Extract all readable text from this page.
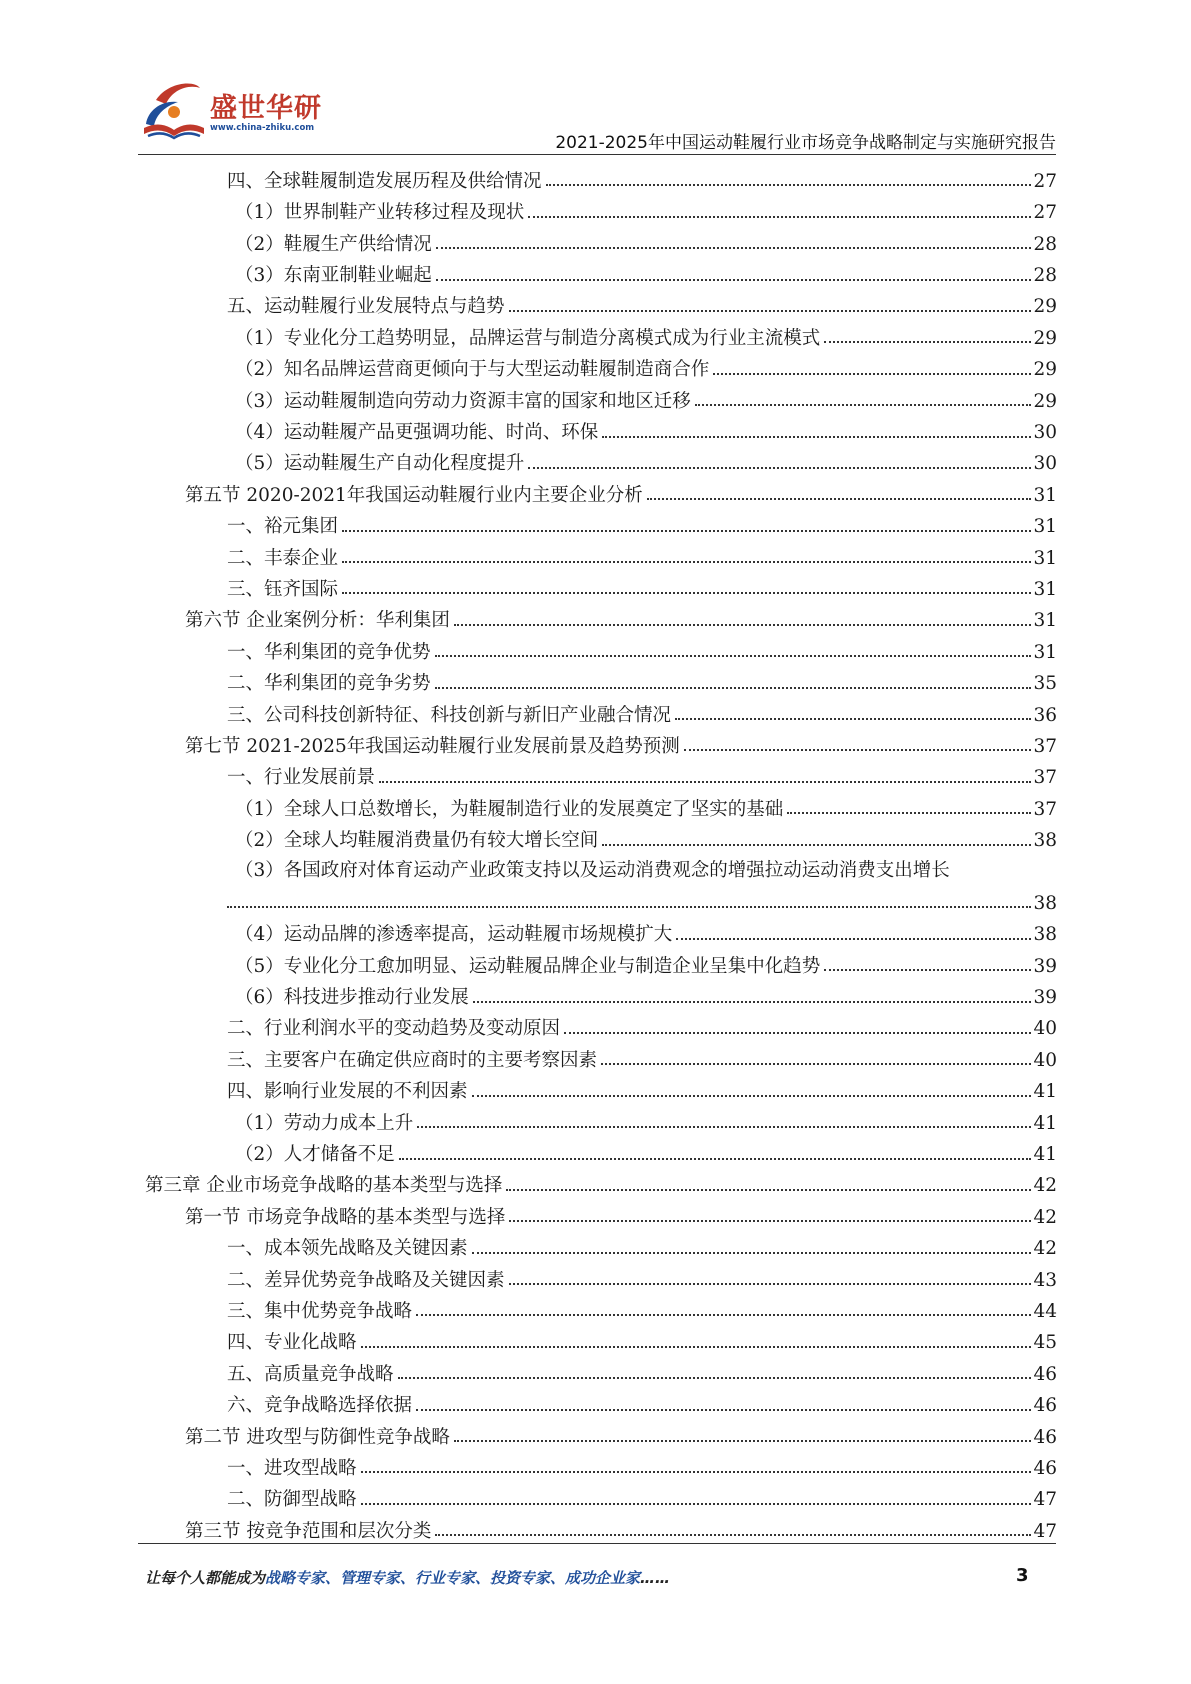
盛世华研
www.china-zhiku.com
2021-2025年中国运动鞋履行业市场竞争战略制定与实施研究报告
四、全球鞋履制造发展历程及供给情况	27
（1）世界制鞋产业转移过程及现状	27
（2）鞋履生产供给情况	28
（3）东南亚制鞋业崛起	28
五、运动鞋履行业发展特点与趋势	29
（1）专业化分工趋势明显，品牌运营与制造分离模式成为行业主流模式	29
（2）知名品牌运营商更倾向于与大型运动鞋履制造商合作	29
（3）运动鞋履制造向劳动力资源丰富的国家和地区迁移	29
（4）运动鞋履产品更强调功能、时尚、环保	30
（5）运动鞋履生产自动化程度提升	30
第五节 2020-2021年我国运动鞋履行业内主要企业分析	31
一、裕元集团	31
二、丰泰企业	31
三、钰齐国际	31
第六节 企业案例分析：华利集团	31
一、华利集团的竞争优势	31
二、华利集团的竞争劣势	35
三、公司科技创新特征、科技创新与新旧产业融合情况	36
第七节 2021-2025年我国运动鞋履行业发展前景及趋势预测	37
一、行业发展前景	37
（1）全球人口总数增长，为鞋履制造行业的发展奠定了坚实的基础	37
（2）全球人均鞋履消费量仍有较大增长空间	38
（3）各国政府对体育运动产业政策支持以及运动消费观念的增强拉动运动消费支出增长
38
（4）运动品牌的渗透率提高，运动鞋履市场规模扩大	38
（5）专业化分工愈加明显、运动鞋履品牌企业与制造企业呈集中化趋势	39
（6）科技进步推动行业发展	39
二、行业利润水平的变动趋势及变动原因	40
三、主要客户在确定供应商时的主要考察因素	40
四、影响行业发展的不利因素	41
（1）劳动力成本上升	41
（2）人才储备不足	41
第三章 企业市场竞争战略的基本类型与选择	42
第一节 市场竞争战略的基本类型与选择	42
一、成本领先战略及关键因素	42
二、差异优势竞争战略及关键因素	43
三、集中优势竞争战略	44
四、专业化战略	45
五、高质量竞争战略	46
六、竞争战略选择依据	46
第二节 进攻型与防御性竞争战略	46
一、进攻型战略	46
二、防御型战略	47
第三节 按竞争范围和层次分类	47
让每个人都能成为战略专家、管理专家、行业专家、投资专家、成功企业家……	3
